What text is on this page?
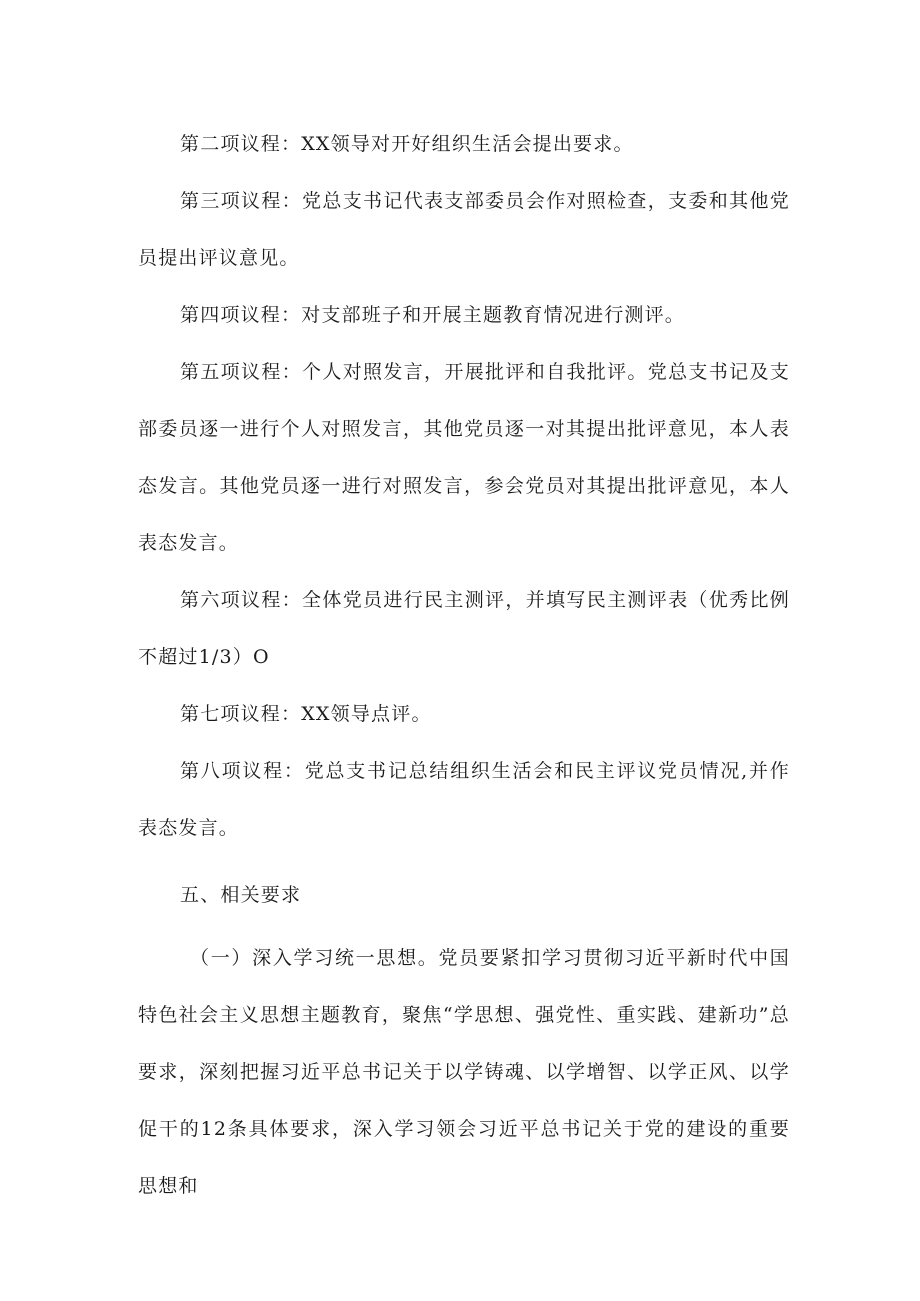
第二项议程：XX领导对开好组织生活会提出要求。

第三项议程：党总支书记代表支部委员会作对照检查，支委和其他党员提出评议意见。

第四项议程：对支部班子和开展主题教育情况进行测评。

第五项议程：个人对照发言，开展批评和自我批评。党总支书记及支部委员逐一进行个人对照发言，其他党员逐一对其提出批评意见，本人表态发言。其他党员逐一进行对照发言，参会党员对其提出批评意见，本人表态发言。

第六项议程：全体党员进行民主测评，并填写民主测评表（优秀比例不超过1/3）O

第七项议程：XX领导点评。

第八项议程：党总支书记总结组织生活会和民主评议党员情况,并作表态发言。

五、相关要求

（一）深入学习统一思想。党员要紧扣学习贯彻习近平新时代中国特色社会主义思想主题教育，聚焦“学思想、强党性、重实践、建新功”总要求，深刻把握习近平总书记关于以学铸魂、以学增智、以学正风、以学促干的12条具体要求，深入学习领会习近平总书记关于党的建设的重要思想和
